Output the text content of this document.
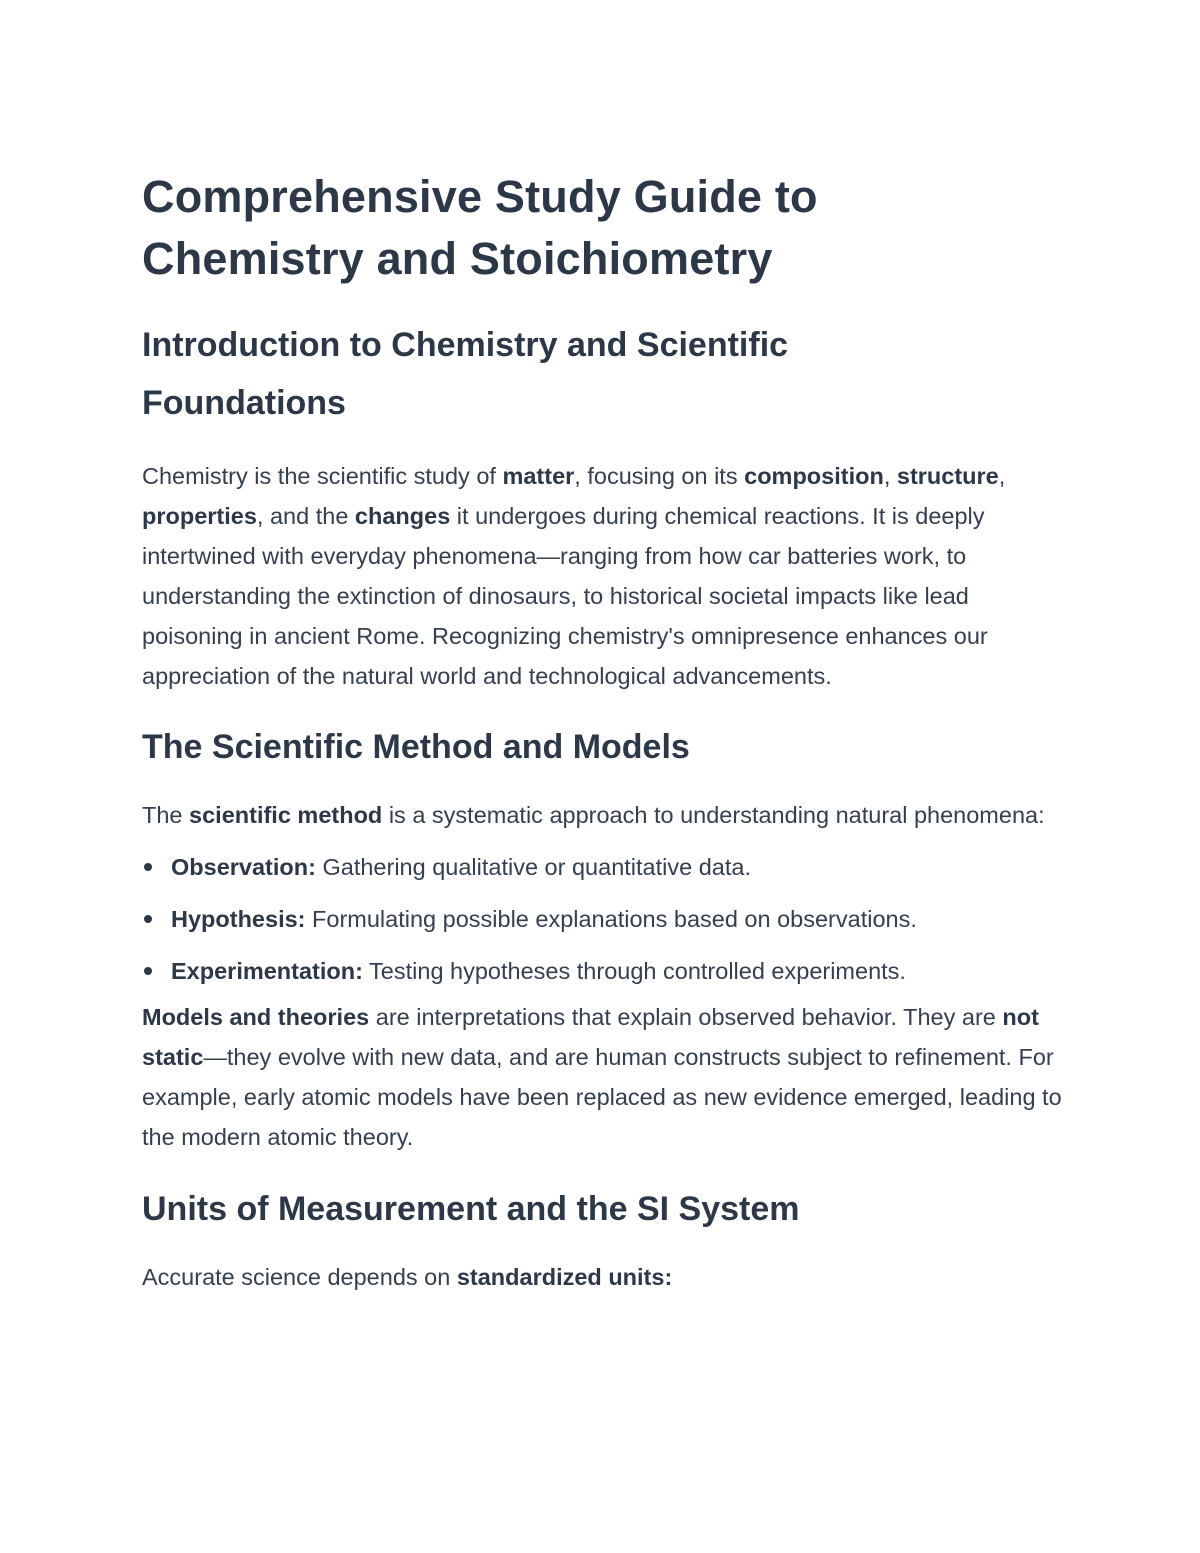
Comprehensive Study Guide to
Chemistry and Stoichiometry
Introduction to Chemistry and Scientific
Foundations

Chemistry is the scientific study of matter, focusing on its composition, structure, properties, and the changes it undergoes during chemical reactions. It is deeply intertwined with everyday phenomena—ranging from how car batteries work, to understanding the extinction of dinosaurs, to historical societal impacts like lead poisoning in ancient Rome. Recognizing chemistry's omnipresence enhances our appreciation of the natural world and technological advancements.

The Scientific Method and Models

The scientific method is a systematic approach to understanding natural phenomena:

Observation: Gathering qualitative or quantitative data.
Hypothesis: Formulating possible explanations based on observations.
Experimentation: Testing hypotheses through controlled experiments.

Models and theories are interpretations that explain observed behavior. They are not static—they evolve with new data, and are human constructs subject to refinement. For example, early atomic models have been replaced as new evidence emerged, leading to the modern atomic theory.

Units of Measurement and the SI System

Accurate science depends on standardized units:
